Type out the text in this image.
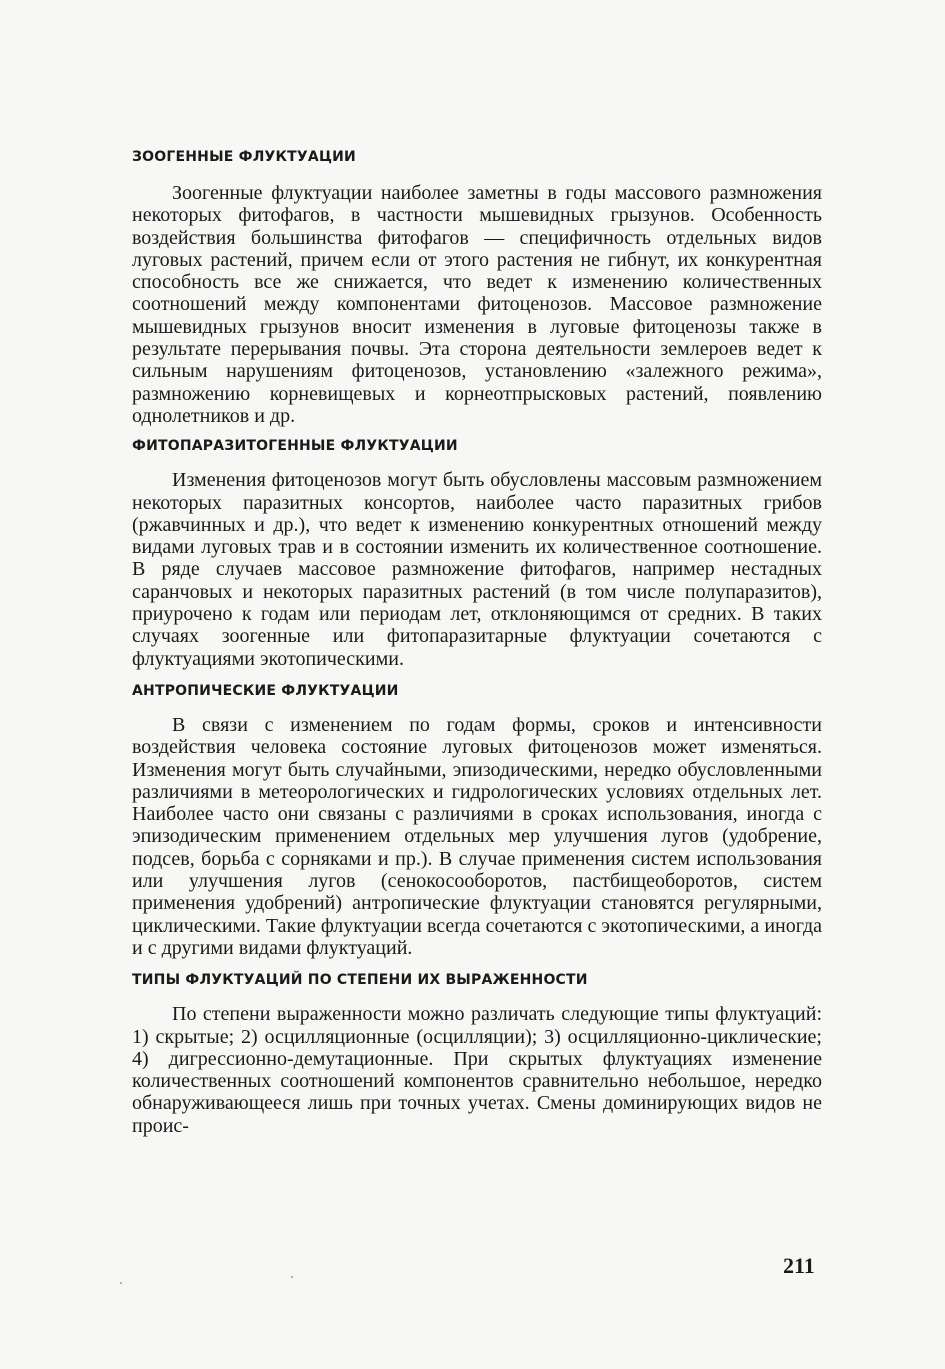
ЗООГЕННЫЕ ФЛУКТУАЦИИ

Зоогенные флуктуации наиболее заметны в годы массового размножения некоторых фитофагов, в частности мышевидных грызунов. Особенность воздействия большинства фитофагов — специфичность отдельных видов луговых растений, причем если от этого растения не гибнут, их конкурентная способность все же снижается, что ведет к изменению количественных соотношений между компонентами фитоценозов. Массовое размножение мышевидных грызунов вносит изменения в луговые фитоценозы также в результате перерывания почвы. Эта сторона деятельности землероев ведет к сильным нарушениям фитоценозов, установлению «залежного режима», размножению корневищевых и корнеотпрысковых растений, появлению однолетников и др.

ФИТОПАРАЗИТОГЕННЫЕ ФЛУКТУАЦИИ

Изменения фитоценозов могут быть обусловлены массовым размножением некоторых паразитных консортов, наиболее часто паразитных грибов (ржавчинных и др.), что ведет к изменению конкурентных отношений между видами луговых трав и в состоянии изменить их количественное соотношение. В ряде случаев массовое размножение фитофагов, например нестадных саранчовых и некоторых паразитных растений (в том числе полупаразитов), приурочено к годам или периодам лет, отклоняющимся от средних. В таких случаях зоогенные или фитопаразитарные флуктуации сочетаются с флуктуациями экотопическими.

АНТРОПИЧЕСКИЕ ФЛУКТУАЦИИ

В связи с изменением по годам формы, сроков и интенсивности воздействия человека состояние луговых фитоценозов может изменяться. Изменения могут быть случайными, эпизодическими, нередко обусловленными различиями в метеорологических и гидрологических условиях отдельных лет. Наиболее часто они связаны с различиями в сроках использования, иногда с эпизодическим применением отдельных мер улучшения лугов (удобрение, подсев, борьба с сорняками и пр.). В случае применения систем использования или улучшения лугов (сенокосооборотов, пастбищеоборотов, систем применения удобрений) антропические флуктуации становятся регулярными, циклическими. Такие флуктуации всегда сочетаются с экотопическими, а иногда и с другими видами флуктуаций.

ТИПЫ ФЛУКТУАЦИЙ ПО СТЕПЕНИ ИХ ВЫРАЖЕННОСТИ

По степени выраженности можно различать следующие типы флуктуаций: 1) скрытые; 2) осцилляционные (осцилляции); 3) осцилляционно-циклические; 4) дигрессионно-демутационные. При скрытых флуктуациях изменение количественных соотношений компонентов сравнительно небольшое, нередко обнаруживающееся лишь при точных учетах. Смены доминирующих видов не проис-

211
